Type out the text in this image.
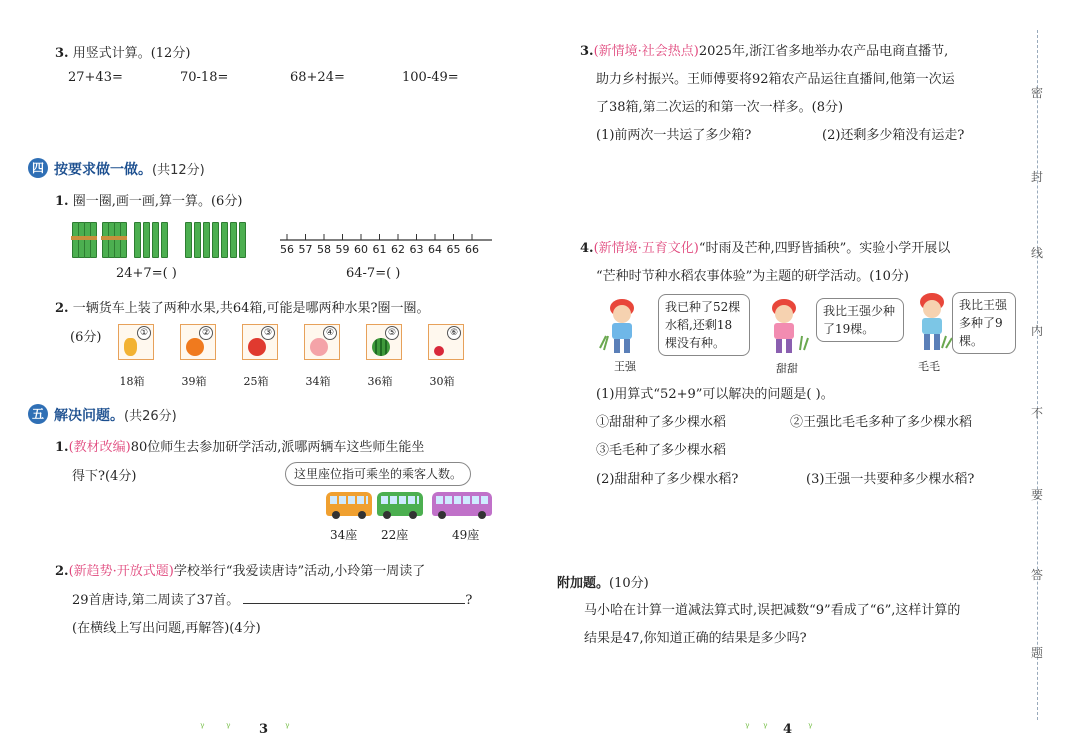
3. 用竖式计算。(12分)
27+43=	70-18=	68+24=	100-49=
四 按要求做一做。(共12分)
1. 圈一圈,画一画,算一算。(6分)
56 57 58 59 60 61 62 63 64 65 66
24+7=( )	64-7=( )
2. 一辆货车上装了两种水果,共64箱,可能是哪两种水果?圈一圈。
(6分)	①
18箱
②
39箱
③
25箱
④
34箱
⑤
36箱
⑥
30箱
五 解决问题。(共26分)
1.(教材改编)80位师生去参加研学活动,派哪两辆车这些师生能坐
得下?(4分)	这里座位指可乘坐的乘客人数。
34座 22座	49座
2.(新趋势·开放式题)学校举行“我爱读唐诗”活动,小玲第一周读了
29首唐诗,第二周读了37首。	?
(在横线上写出问题,再解答)(4分)
ᵞ ᵞ 3 ᵞ
3.(新情境·社会热点)2025年,浙江省多地举办农产品电商直播节,
助力乡村振兴。王师傅要将92箱农产品运往直播间,他第一次运
了38箱,第二次运的和第一次一样多。(8分)
(1)前两次一共运了多少箱?	(2)还剩多少箱没有运走?
4.(新情境·五育文化)“时雨及芒种,四野皆插秧”。实验小学开展以
“芒种时节种水稻农事体验”为主题的研学活动。(10分)
我已种了52棵水稻,还剩18棵没有种。
王强
我比王强少种了19棵。
甜甜
我比王强多种了9棵。
毛毛
(1)用算式“52+9”可以解决的问题是( )。
①甜甜种了多少棵水稻	②王强比毛毛多种了多少棵水稻
③毛毛种了多少棵水稻
(2)甜甜种了多少棵水稻?	(3)王强一共要种多少棵水稻?
附加题。(10分)
马小哈在计算一道减法算式时,误把减数“9”看成了“6”,这样计算的
结果是47,你知道正确的结果是多少吗?
ᵞ ᵞ 4 ᵞ
密
封
线
内
不
要
答
题
